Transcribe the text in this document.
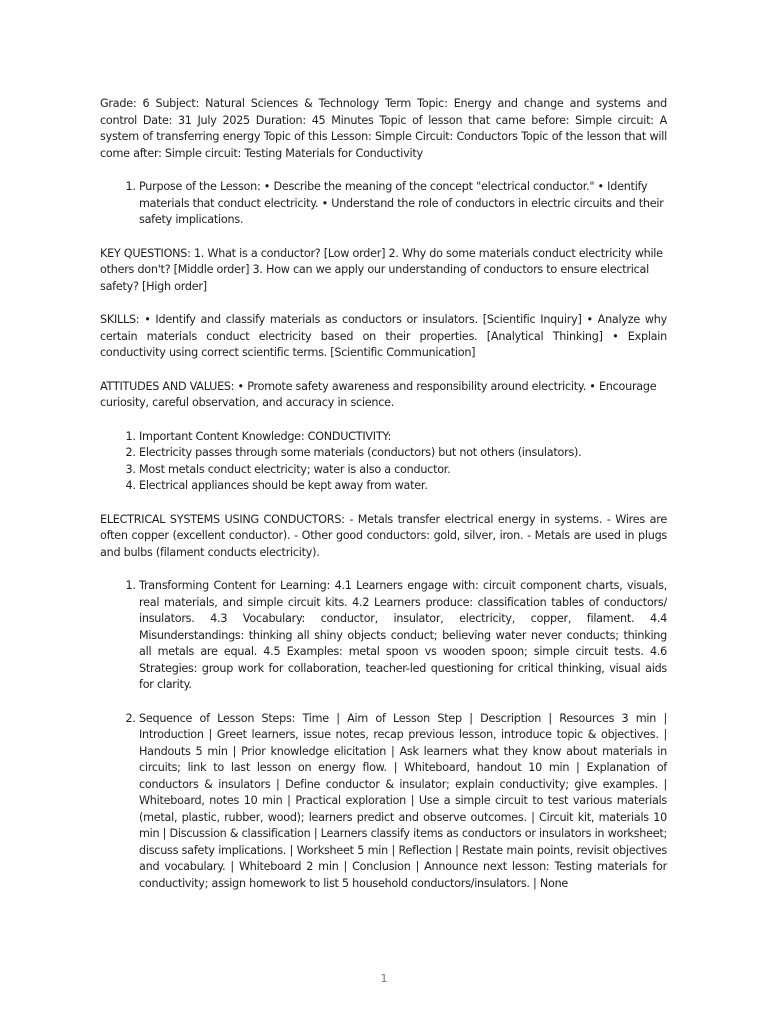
Grade: 6 Subject: Natural Sciences & Technology Term Topic: Energy and change and systems and control Date: 31 July 2025 Duration: 45 Minutes Topic of lesson that came before: Simple circuit: A system of transferring energy Topic of this Lesson: Simple Circuit: Conductors Topic of the lesson that will come after: Simple circuit: Testing Materials for Conductivity

1. Purpose of the Lesson: • Describe the meaning of the concept "electrical conductor." • Identify materials that conduct electricity. • Understand the role of conductors in electric circuits and their safety implications.

KEY QUESTIONS: 1. What is a conductor? [Low order] 2. Why do some materials conduct electricity while others don't? [Middle order] 3. How can we apply our understanding of conductors to ensure electrical safety? [High order]

SKILLS: • Identify and classify materials as conductors or insulators. [Scientific Inquiry] • Analyze why certain materials conduct electricity based on their properties. [Analytical Thinking] • Explain conductivity using correct scientific terms. [Scientific Communication]

ATTITUDES AND VALUES: • Promote safety awareness and responsibility around electricity. • Encourage curiosity, careful observation, and accuracy in science.

1. Important Content Knowledge: CONDUCTIVITY:
2. Electricity passes through some materials (conductors) but not others (insulators).
3. Most metals conduct electricity; water is also a conductor.
4. Electrical appliances should be kept away from water.

ELECTRICAL SYSTEMS USING CONDUCTORS: - Metals transfer electrical energy in systems. - Wires are often copper (excellent conductor). - Other good conductors: gold, silver, iron. - Metals are used in plugs and bulbs (filament conducts electricity).

1. Transforming Content for Learning: 4.1 Learners engage with: circuit component charts, visuals, real materials, and simple circuit kits. 4.2 Learners produce: classification tables of conductors/ insulators. 4.3 Vocabulary: conductor, insulator, electricity, copper, filament. 4.4 Misunderstandings: thinking all shiny objects conduct; believing water never conducts; thinking all metals are equal. 4.5 Examples: metal spoon vs wooden spoon; simple circuit tests. 4.6 Strategies: group work for collaboration, teacher-led questioning for critical thinking, visual aids for clarity.
2. Sequence of Lesson Steps: Time | Aim of Lesson Step | Description | Resources 3 min | Introduction | Greet learners, issue notes, recap previous lesson, introduce topic & objectives. | Handouts 5 min | Prior knowledge elicitation | Ask learners what they know about materials in circuits; link to last lesson on energy flow. | Whiteboard, handout 10 min | Explanation of conductors & insulators | Define conductor & insulator; explain conductivity; give examples. | Whiteboard, notes 10 min | Practical exploration | Use a simple circuit to test various materials (metal, plastic, rubber, wood); learners predict and observe outcomes. | Circuit kit, materials 10 min | Discussion & classification | Learners classify items as conductors or insulators in worksheet; discuss safety implications. | Worksheet 5 min | Reflection | Restate main points, revisit objectives and vocabulary. | Whiteboard 2 min | Conclusion | Announce next lesson: Testing materials for conductivity; assign homework to list 5 household conductors/insulators. | None
1
